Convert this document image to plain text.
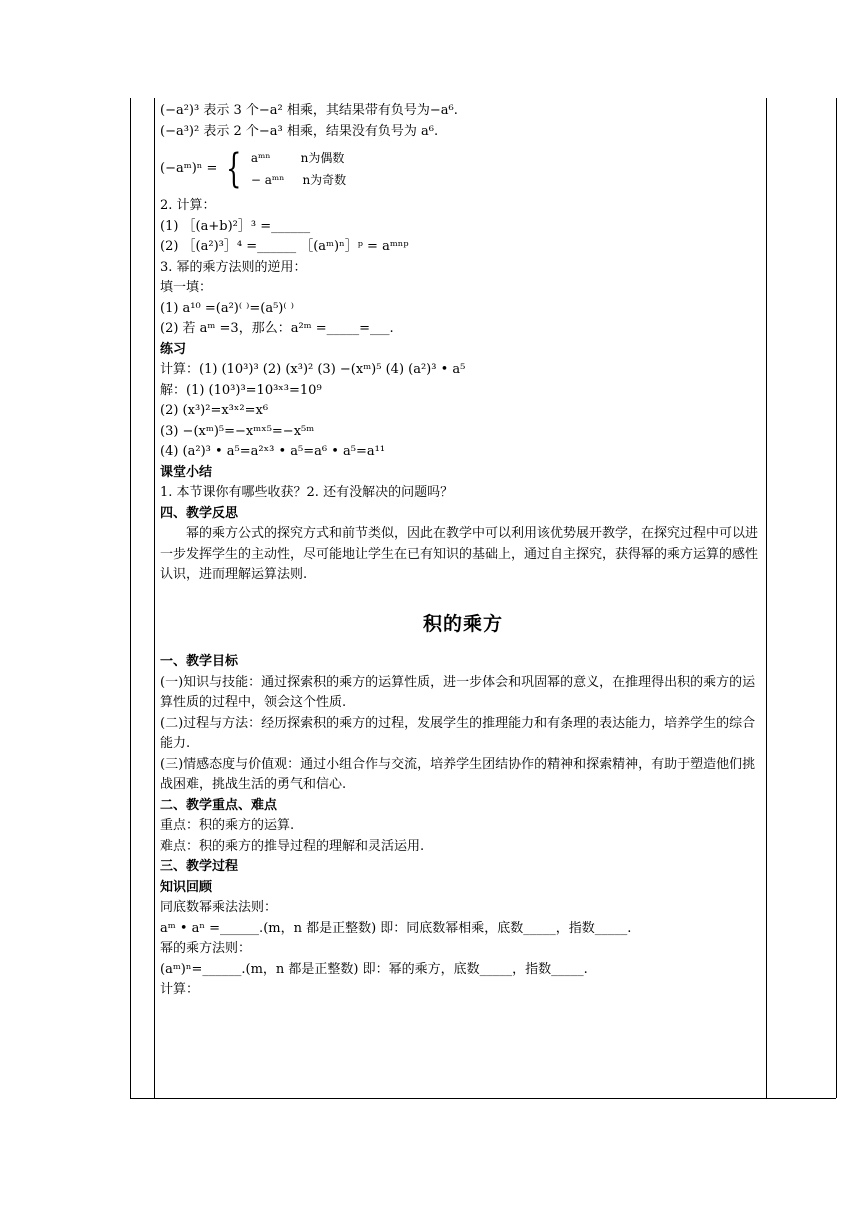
(−a²)³ 表示 3 个−a² 相乘，其结果带有负号为−a⁶.

(−a³)² 表示 2 个−a³ 相乘，结果没有负号为 a⁶.

(−aᵐ)ⁿ = { aᵐⁿ	n为偶数
− aᵐⁿ n为奇数

2. 计算：

(1) ［(a+b)²］³ =______

(2) ［(a²)³］⁴ =______ ［(aᵐ)ⁿ］ᵖ = aᵐⁿᵖ

3. 幂的乘方法则的逆用：

填一填：

(1) a¹⁰ =(a²)⁽ ⁾=(a⁵)⁽ ⁾

(2) 若 aᵐ =3，那么：a²ᵐ =_____=___.

练习

计算：(1) (10³)³ (2) (x³)² (3) −(xᵐ)⁵ (4) (a²)³ • a⁵

解：(1) (10³)³=10³ˣ³=10⁹

(2) (x³)²=x³ˣ²=x⁶

(3) −(xᵐ)⁵=−xᵐˣ⁵=−x⁵ᵐ

(4) (a²)³ • a⁵=a²ˣ³ • a⁵=a⁶ • a⁵=a¹¹

课堂小结

1. 本节课你有哪些收获？2. 还有没解决的问题吗？

四、教学反思

幂的乘方公式的探究方式和前节类似，因此在教学中可以利用该优势展开教学，在探究过程中可以进一步发挥学生的主动性，尽可能地让学生在已有知识的基础上，通过自主探究，获得幂的乘方运算的感性认识，进而理解运算法则.

积的乘方

一、教学目标

(一)知识与技能：通过探索积的乘方的运算性质，进一步体会和巩固幂的意义，在推理得出积的乘方的运算性质的过程中，领会这个性质.

(二)过程与方法：经历探索积的乘方的过程，发展学生的推理能力和有条理的表达能力，培养学生的综合能力.

(三)情感态度与价值观：通过小组合作与交流，培养学生团结协作的精神和探索精神，有助于塑造他们挑战困难，挑战生活的勇气和信心.

二、教学重点、难点

重点：积的乘方的运算.

难点：积的乘方的推导过程的理解和灵活运用.

三、教学过程

知识回顾

同底数幂乘法法则：

aᵐ • aⁿ =______.(m，n 都是正整数) 即：同底数幂相乘，底数_____，指数_____.

幂的乘方法则：

(aᵐ)ⁿ=______.(m，n 都是正整数) 即：幂的乘方，底数_____，指数_____.

计算：
